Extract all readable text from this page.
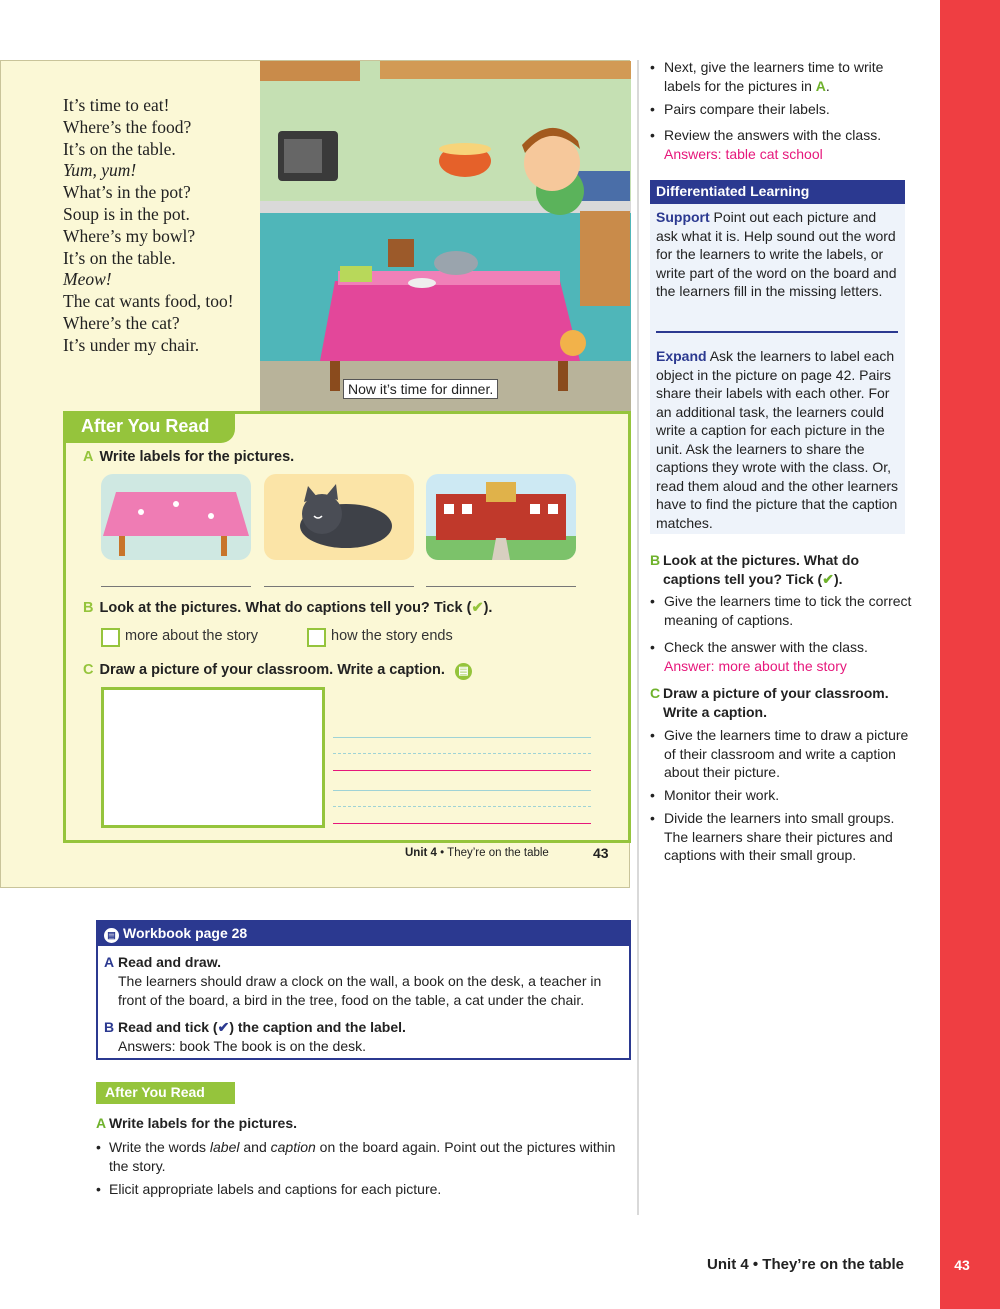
43
Unit 4 • They’re on the table
It’s time to eat!
Where’s the food?
It’s on the table.
Yum, yum!
What’s in the pot?
Soup is in the pot.
Where’s my bowl?
It’s on the table.
Meow!
The cat wants food, too!
Where’s the cat?
It’s under my chair.
Now it’s time for dinner.
After You Read
A Write labels for the pictures.
B Look at the pictures. What do captions tell you? Tick (✔).
more about the story	how the story ends
C Draw a picture of your classroom. Write a caption. ▤
Unit 4 • They’re on the table	43
• Next, give the learners time to write labels for the pictures in A.
• Pairs compare their labels.
• Review the answers with the class.
Answers: table cat school
Differentiated Learning
Support Point out each picture and ask what it is. Help sound out the word for the learners to write the labels, or write part of the word on the board and the learners fill in the missing letters.
Expand Ask the learners to label each object in the picture on page 42. Pairs share their labels with each other. For an additional task, the learners could write a caption for each picture in the unit. Ask the learners to share the captions they wrote with the class. Or, read them aloud and the other learners have to find the picture that the caption matches.
B Look at the pictures. What do captions tell you? Tick (✔).
• Give the learners time to tick the correct meaning of captions.
• Check the answer with the class.
Answer: more about the story
C Draw a picture of your classroom. Write a caption.
• Give the learners time to draw a picture of their classroom and write a caption about their picture.
• Monitor their work.
• Divide the learners into small groups. The learners share their pictures and captions with their small group.
▤ Workbook page 28
A Read and draw.
The learners should draw a clock on the wall, a book on the desk, a teacher in front of the board, a bird in the tree, food on the table, a cat under the chair.
B Read and tick (✔) the caption and the label.
Answers: book The book is on the desk.
After You Read
A Write labels for the pictures.
• Write the words label and caption on the board again. Point out the pictures within the story.
• Elicit appropriate labels and captions for each picture.
